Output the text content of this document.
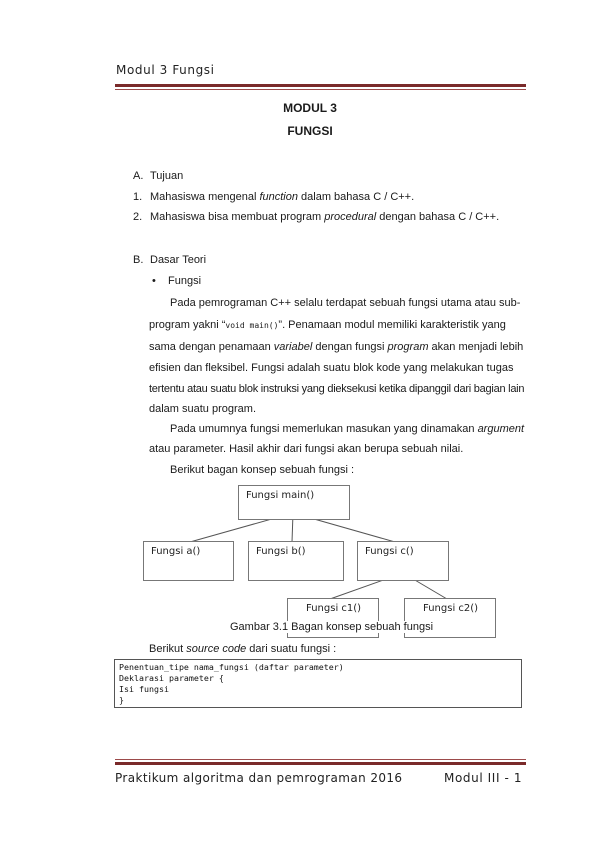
Modul 3 Fungsi
MODUL 3
FUNGSI
A. Tujuan
1. Mahasiswa mengenal function dalam bahasa C / C++.
2. Mahasiswa bisa membuat program procedural dengan bahasa C / C++.
B. Dasar Teori
• Fungsi
Pada pemrograman C++ selalu terdapat sebuah fungsi utama atau sub-
program yakni “void main()”. Penamaan modul memiliki karakteristik yang
sama dengan penamaan variabel dengan fungsi program akan menjadi lebih
efisien dan fleksibel. Fungsi adalah suatu blok kode yang melakukan tugas
tertentu atau suatu blok instruksi yang dieksekusi ketika dipanggil dari bagian lain
dalam suatu program.
Pada umumnya fungsi memerlukan masukan yang dinamakan argument
atau parameter. Hasil akhir dari fungsi akan berupa sebuah nilai.
Berikut bagan konsep sebuah fungsi :
Fungsi main()
Fungsi a()	Fungsi b()	Fungsi c()
Fungsi c1()	Fungsi c2()
Gambar 3.1 Bagan konsep sebuah fungsi
Berikut source code dari suatu fungsi :
Penentuan_tipe nama_fungsi (daftar parameter)
Deklarasi parameter {
Isi fungsi
}
Praktikum algoritma dan pemrograman 2016	Modul III - 1
